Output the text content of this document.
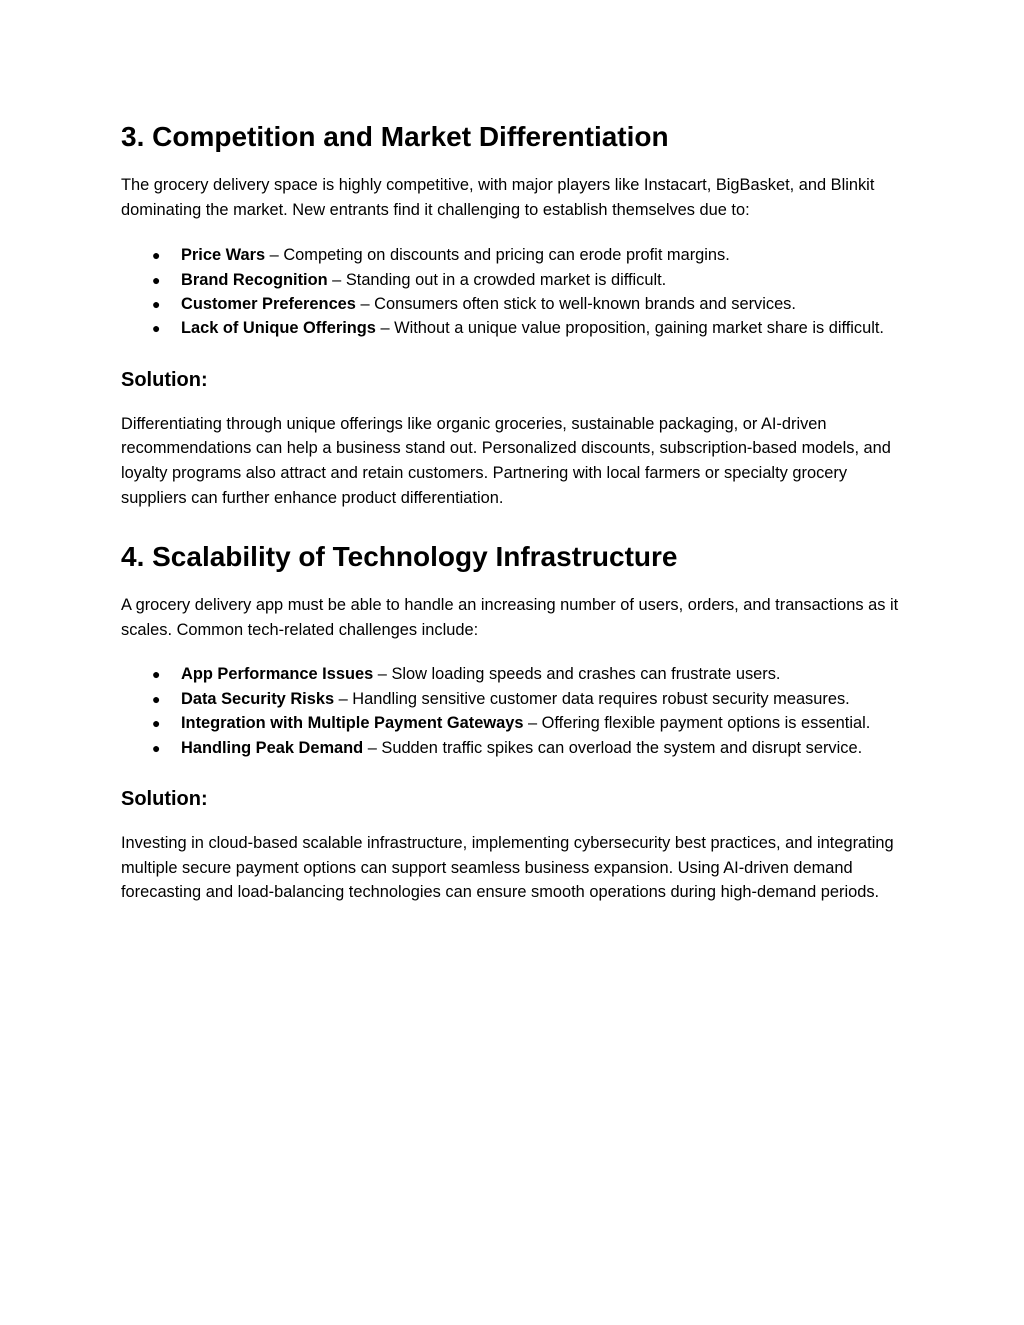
3. Competition and Market Differentiation

The grocery delivery space is highly competitive, with major players like Instacart, BigBasket, and Blinkit dominating the market. New entrants find it challenging to establish themselves due to:

● Price Wars – Competing on discounts and pricing can erode profit margins.
● Brand Recognition – Standing out in a crowded market is difficult.
● Customer Preferences – Consumers often stick to well-known brands and services.
● Lack of Unique Offerings – Without a unique value proposition, gaining market share is difficult.
Solution:

Differentiating through unique offerings like organic groceries, sustainable packaging, or AI-driven recommendations can help a business stand out. Personalized discounts, subscription-based models, and loyalty programs also attract and retain customers. Partnering with local farmers or specialty grocery suppliers can further enhance product differentiation.

4. Scalability of Technology Infrastructure

A grocery delivery app must be able to handle an increasing number of users, orders, and transactions as it scales. Common tech-related challenges include:

● App Performance Issues – Slow loading speeds and crashes can frustrate users.
● Data Security Risks – Handling sensitive customer data requires robust security measures.
● Integration with Multiple Payment Gateways – Offering flexible payment options is essential.
● Handling Peak Demand – Sudden traffic spikes can overload the system and disrupt service.
Solution:

Investing in cloud-based scalable infrastructure, implementing cybersecurity best practices, and integrating multiple secure payment options can support seamless business expansion. Using AI-driven demand forecasting and load-balancing technologies can ensure smooth operations during high-demand periods.
